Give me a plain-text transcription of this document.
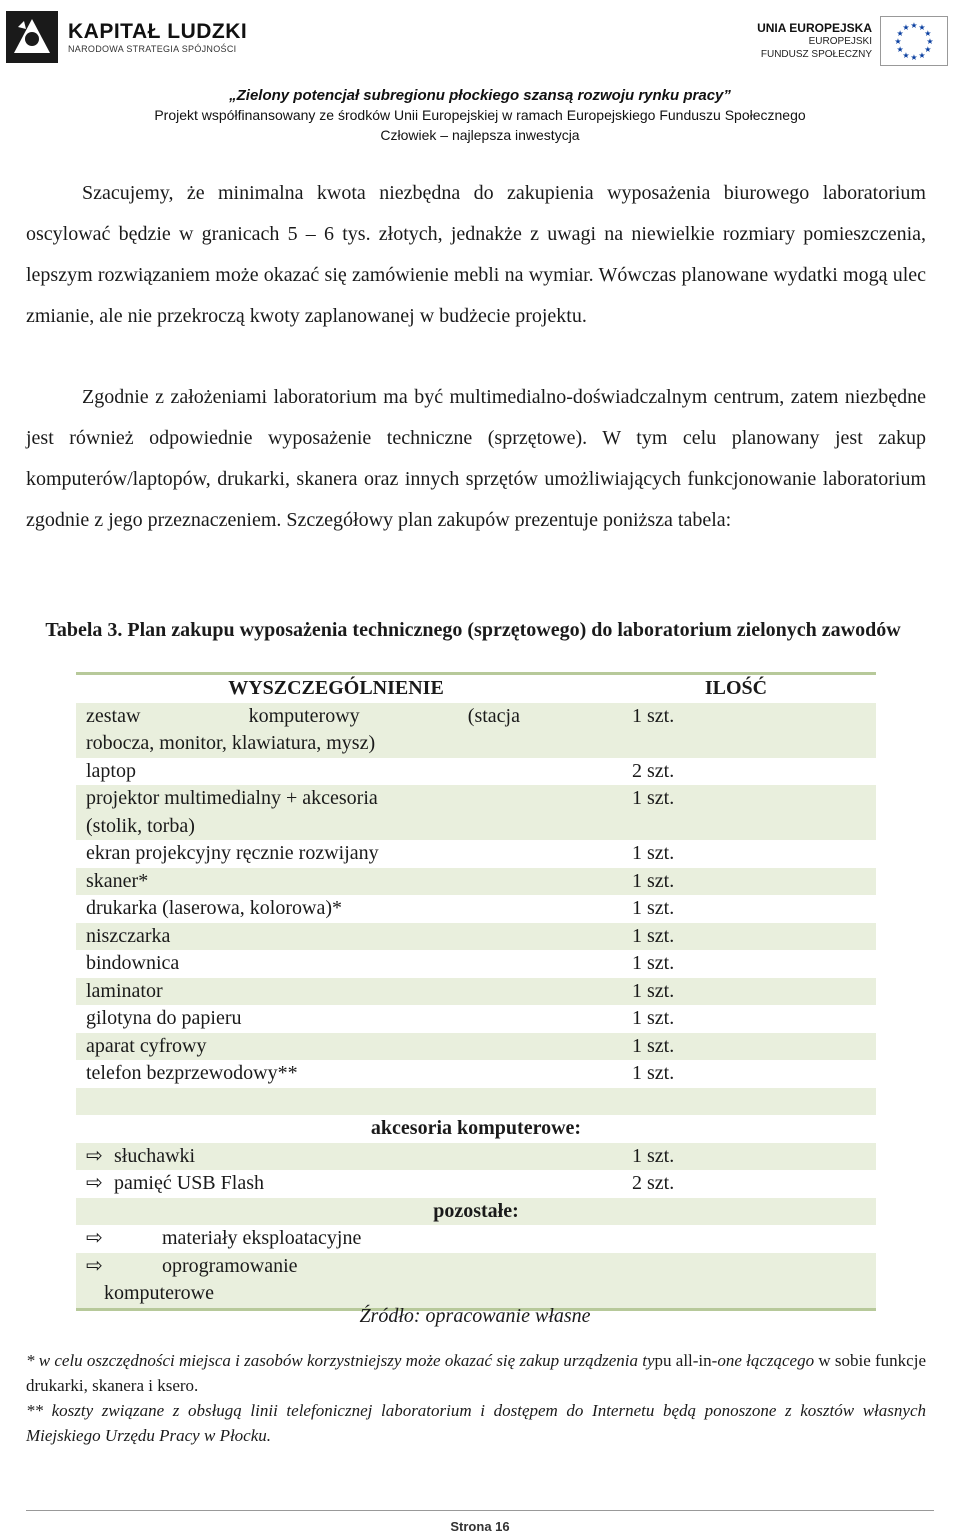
KAPITAŁ LUDZKI
NARODOWA STRATEGIA SPÓJNOŚCI
UNIA EUROPEJSKA
EUROPEJSKI
FUNDUSZ SPOŁECZNY
★
★
★
★
★
★
★
★
★ ★ ★
★
„Zielony potencjał subregionu płockiego szansą rozwoju rynku pracy”
Projekt współfinansowany ze środków Unii Europejskiej w ramach Europejskiego Funduszu Społecznego
Człowiek – najlepsza inwestycja
Szacujemy, że minimalna kwota niezbędna do zakupienia wyposażenia biurowego laboratorium oscylować będzie w granicach 5 – 6 tys. złotych, jednakże z uwagi na niewielkie rozmiary pomieszczenia, lepszym rozwiązaniem może okazać się zamówienie mebli na wymiar. Wówczas planowane wydatki mogą ulec zmianie, ale nie przekroczą kwoty zaplanowanej w budżecie projektu.
Zgodnie z założeniami laboratorium ma być multimedialno-doświadczalnym centrum, zatem niezbędne jest również odpowiednie wyposażenie techniczne (sprzętowe). W tym celu planowany jest zakup komputerów/laptopów, drukarki, skanera oraz innych sprzętów umożliwiających funkcjonowanie laboratorium zgodnie z jego przeznaczeniem. Szczegółowy plan zakupów prezentuje poniższa tabela:
Tabela 3. Plan zakupu wyposażenia technicznego (sprzętowego) do laboratorium zielonych zawodów
WYSZCZEGÓLNIENIE	ILOŚĆ
zestaw komputerowy (stacja	1 szt.
robocza, monitor, klawiatura, mysz)
laptop	2 szt.
projektor multimedialny + akcesoria	1 szt.
(stolik, torba)
ekran projekcyjny ręcznie rozwijany	1 szt.
skaner*	1 szt.
drukarka (laserowa, kolorowa)*	1 szt.
niszczarka	1 szt.
bindownica	1 szt.
laminator	1 szt.
gilotyna do papieru	1 szt.
aparat cyfrowy	1 szt.
telefon bezprzewodowy**	1 szt.

akcesoria komputerowe:
⇨ słuchawki	1 szt.
⇨ pamięć USB Flash	2 szt.
pozostałe:
⇨	materiały eksploatacyjne
⇨	oprogramowanie
komputerowe
Źródło: opracowanie własne
* w celu oszczędności miejsca i zasobów korzystniejszy może okazać się zakup urządzenia typu all-in-one łączącego w sobie funkcje drukarki, skanera i ksero.
** koszty związane z obsługą linii telefonicznej laboratorium i dostępem do Internetu będą ponoszone z kosztów własnych Miejskiego Urzędu Pracy w Płocku.
Strona 16
